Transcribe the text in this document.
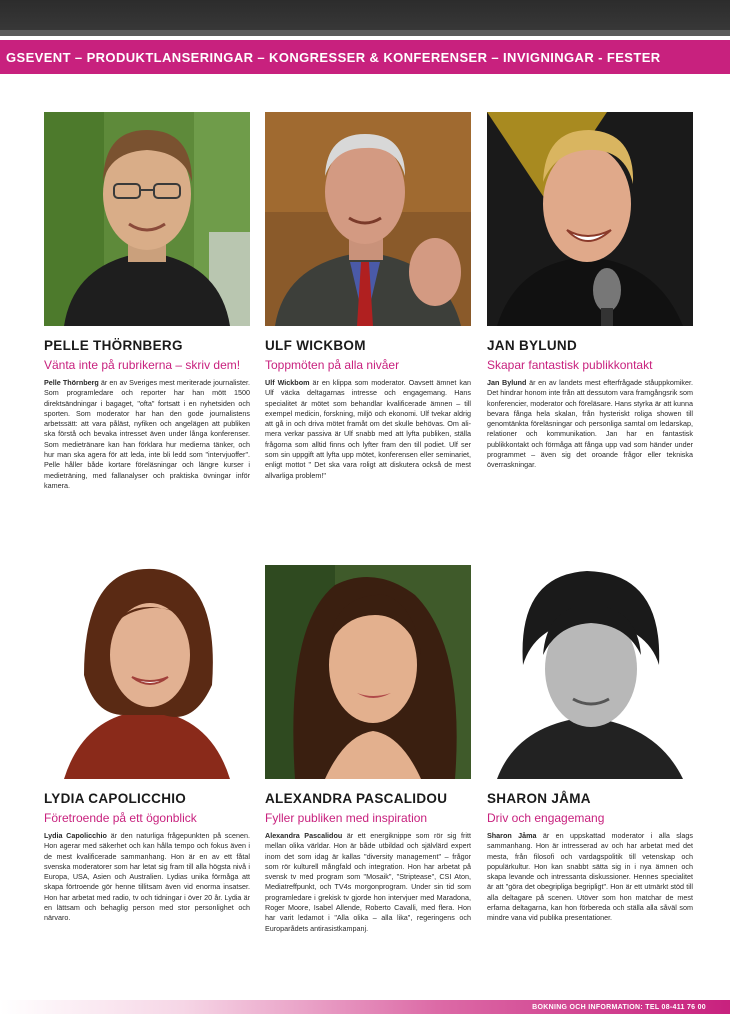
GSEVENT – PRODUKTLANSERINGAR – KONGRESSER & KONFERENSER – INVIGNINGAR - FESTER
PELLE THÖRNBERG
Vänta inte på rubrikerna – skriv dem!
Pelle Thörnberg är en av Sveriges mest meriterade journalister. Som programledare och reporter har han mött 1500 direktsändningar i bagaget, "ofta" fortsatt i en nyhetsiden och sporten. Som moderator har han den gode journalistens arbetssätt: att vara påläst, nyfiken och angelägen att publiken ska förstå och bevaka intresset även under långa konferenser. Som medietränare kan han förklara hur medierna tänker, och hur man ska agera för att leda, inte bli ledd som "intervjuoffer". Pelle håller både kortare föreläsningar och längre kurser i medieträning, med fallanalyser och praktiska övningar inför kamera.
ULF WICKBOM
Toppmöten på alla nivåer
Ulf Wickbom är en klippa som moderator. Oavsett ämnet kan Ulf väcka deltagarnas intresse och engagemang. Hans specialitet är mötet som behandlar kvalificerade ämnen – till exempel medicin, forskning, miljö och ekonomi. Ulf tvekar aldrig att gå in och driva mötet framåt om det skulle behövas. Om ali-mera verkar passiva är Ulf snabb med att lyfta publiken, ställa frågorna som alltid finns och lyfter fram den till podiet. Ulf ser som sin uppgift att lyfta upp mötet, konferensen eller seminariet, enligt mottot " Det ska vara roligt att diskutera också de mest allvarliga problem!"
JAN BYLUND
Skapar fantastisk publikkontakt
Jan Bylund är en av landets mest efterfrågade ståuppkomiker. Det hindrar honom inte från att dessutom vara framgångsrik som konferencier, moderator och föreläsare. Hans styrka är att kunna bevara fånga hela skalan, från hysteriskt roliga showen till genomtänkta föreläsningar och personliga samtal om ledarskap, relationer och kommunikation. Jan har en fantastisk publikkontakt och förmåga att fånga upp vad som händer under programmet – även sig det oroande frågor eller tekniska överraskningar.
LYDIA CAPOLICCHIO
Företroende på ett ögonblick
Lydia Capolicchio är den naturliga frågepunkten på scenen. Hon agerar med säkerhet och kan hålla tempo och fokus även i de mest kvalificerade sammanhang. Hon är en av ett fåtal svenska moderatorer som har letat sig fram till alla högsta nivå i Europa, USA, Asien och Australien. Lydias unika förmåga att skapa förtroende gör henne tillitsam även vid enorma insatser. Hon har arbetat med radio, tv och tidningar i över 20 år. Lydia är en lättsam och behaglig person med stor personlighet och närvaro.
ALEXANDRA PASCALIDOU
Fyller publiken med inspiration
Alexandra Pascalidou är ett energiknippe som rör sig fritt mellan olika världar. Hon är både utbildad och självlärd expert inom det som idag är kallas "diversity management" – frågor som rör kulturell mångfald och integration. Hon har arbetat på svensk tv med program som "Mosaik", "Striptease", CSI Aton, Mediatreffpunkt, och TV4s morgonprogram. Under sin tid som programledare i grekisk tv gjorde hon intervjuer med Maradona, Roger Moore, Isabel Allende, Roberto Cavalli, med flera. Hon har varit ledamot i "Alla olika – alla lika", regeringens och Europarådets antirasistkampanj.
SHARON JÅMA
Driv och engagemang
Sharon Jåma är en uppskattad moderator i alla slags sammanhang. Hon är intresserad av och har arbetat med det mesta, från filosofi och vardagspolitik till vetenskap och populärkultur. Hon kan snabbt sätta sig in i nya ämnen och skapa levande och intressanta diskussioner. Hennes specialitet är att "göra det obegripliga begripligt". Hon är ett utmärkt stöd till alla deltagare på scenen. Utöver som hon matchar de mest erfarna deltagarna, kan hon förbereda och ställa alla såväl som mindre vana vid publika presentationer.
BOKNING OCH INFORMATION: TEL 08-411 76 00
